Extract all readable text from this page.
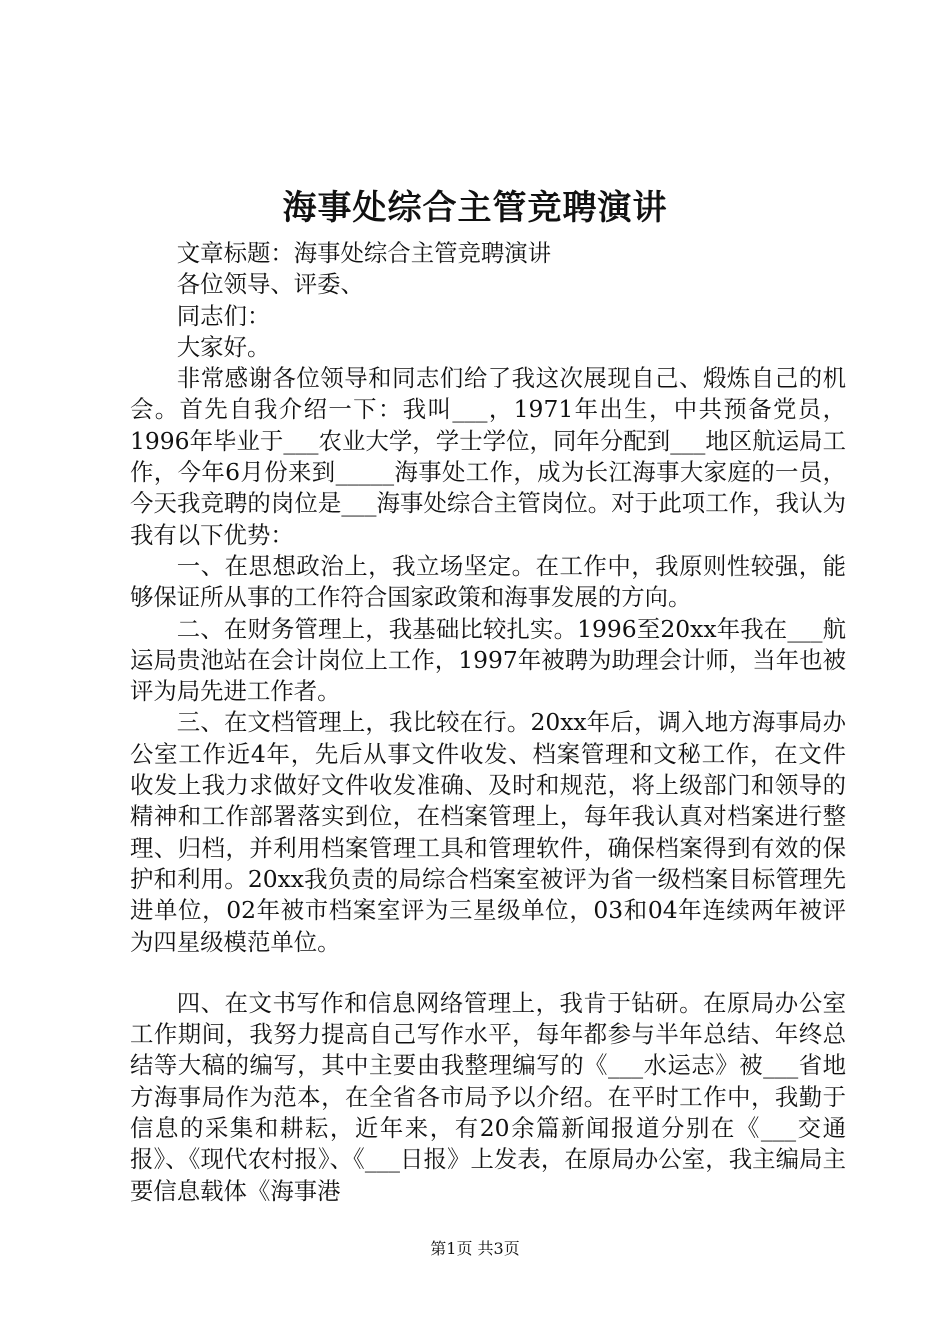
海事处综合主管竞聘演讲

文章标题：海事处综合主管竞聘演讲

各位领导、评委、

同志们：

大家好。

非常感谢各位领导和同志们给了我这次展现自己、煅炼自己的机会。首先自我介绍一下：我叫___，1971年出生，中共预备党员，1996年毕业于___农业大学，学士学位，同年分配到___地区航运局工作，今年6月份来到_____海事处工作，成为长江海事大家庭的一员，今天我竞聘的岗位是___海事处综合主管岗位。对于此项工作，我认为我有以下优势：

一、在思想政治上，我立场坚定。在工作中，我原则性较强，能够保证所从事的工作符合国家政策和海事发展的方向。

二、在财务管理上，我基础比较扎实。1996至20xx年我在___航运局贵池站在会计岗位上工作，1997年被聘为助理会计师，当年也被评为局先进工作者。

三、在文档管理上，我比较在行。20xx年后，调入地方海事局办公室工作近4年，先后从事文件收发、档案管理和文秘工作，在文件收发上我力求做好文件收发准确、及时和规范，将上级部门和领导的精神和工作部署落实到位，在档案管理上，每年我认真对档案进行整理、归档，并利用档案管理工具和管理软件，确保档案得到有效的保护和利用。20xx我负责的局综合档案室被评为省一级档案目标管理先进单位，02年被市档案室评为三星级单位，03和04年连续两年被评为四星级模范单位。

四、在文书写作和信息网络管理上，我肯于钻研。在原局办公室工作期间，我努力提高自己写作水平，每年都参与半年总结、年终总结等大稿的编写，其中主要由我整理编写的《___水运志》被___省地方海事局作为范本，在全省各市局予以介绍。在平时工作中，我勤于信息的采集和耕耘，近年来，有20余篇新闻报道分别在《___交通报》、《现代农村报》、《___日报》上发表，在原局办公室，我主编局主要信息载体《海事港

第1页 共3页
